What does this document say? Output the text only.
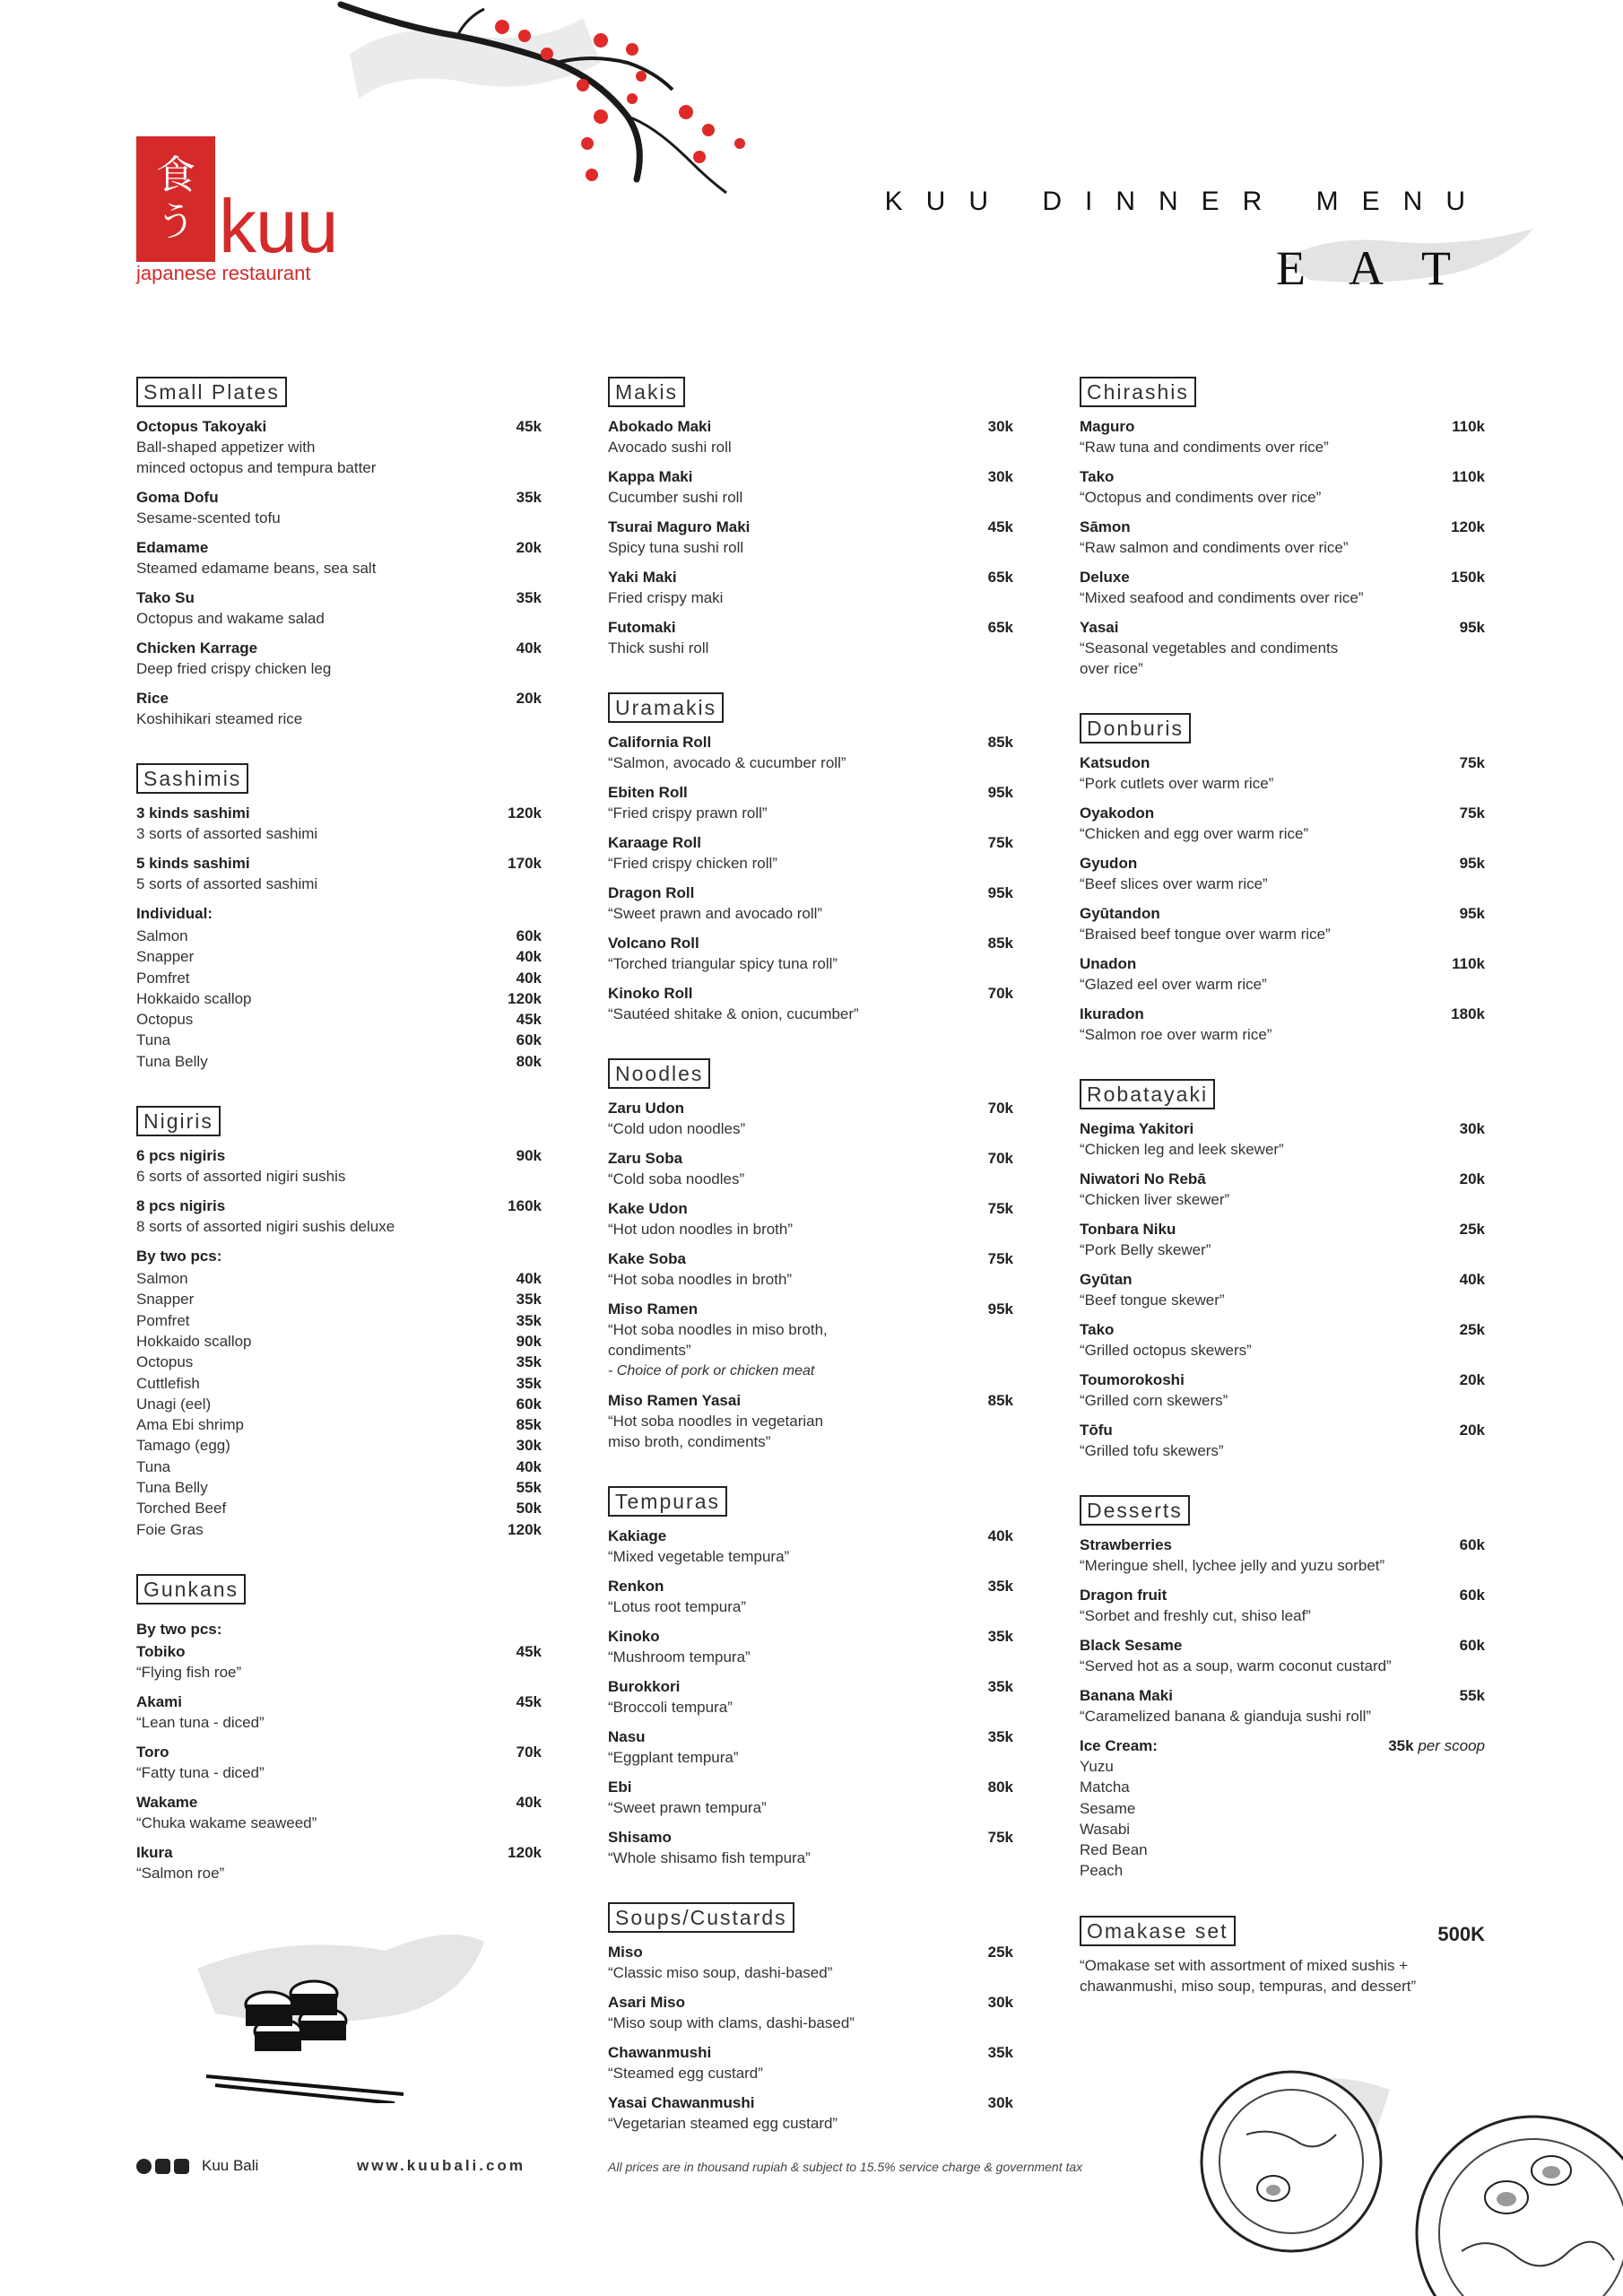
食
う kuu
japanese restaurant
KUU DINNER MENU
EAT
Small Plates
Octopus Takoyaki	45k
Ball-shaped appetizer with
minced octopus and tempura batter
Goma Dofu	35k
Sesame-scented tofu
Edamame	20k
Steamed edamame beans, sea salt
Tako Su	35k
Octopus and wakame salad
Chicken Karrage	40k
Deep fried crispy chicken leg
Rice	20k
Koshihikari steamed rice
Sashimis
3 kinds sashimi	120k
3 sorts of assorted sashimi
5 kinds sashimi	170k
5 sorts of assorted sashimi
Individual:
Salmon	60k
Snapper	40k
Pomfret	40k
Hokkaido scallop	120k
Octopus	45k
Tuna	60k
Tuna Belly	80k
Nigiris
6 pcs nigiris	90k
6 sorts of assorted nigiri sushis
8 pcs nigiris	160k
8 sorts of assorted nigiri sushis deluxe
By two pcs:
Salmon	40k
Snapper	35k
Pomfret	35k
Hokkaido scallop	90k
Octopus	35k
Cuttlefish	35k
Unagi (eel)	60k
Ama Ebi shrimp	85k
Tamago (egg)	30k
Tuna	40k
Tuna Belly	55k
Torched Beef	50k
Foie Gras	120k
Gunkans
By two pcs:
Tobiko	45k
“Flying fish roe”
Akami	45k
“Lean tuna - diced”
Toro	70k
“Fatty tuna - diced”
Wakame	40k
“Chuka wakame seaweed”
Ikura	120k
“Salmon roe”
Makis
Abokado Maki	30k
Avocado sushi roll
Kappa Maki	30k
Cucumber sushi roll
Tsurai Maguro Maki	45k
Spicy tuna sushi roll
Yaki Maki	65k
Fried crispy maki
Futomaki	65k
Thick sushi roll
Uramakis
California Roll	85k
“Salmon, avocado & cucumber roll”
Ebiten Roll	95k
“Fried crispy prawn roll”
Karaage Roll	75k
“Fried crispy chicken roll”
Dragon Roll	95k
“Sweet prawn and avocado roll”
Volcano Roll	85k
“Torched triangular spicy tuna roll”
Kinoko Roll	70k
“Sautéed shitake & onion, cucumber”
Noodles
Zaru Udon	70k
“Cold udon noodles”
Zaru Soba	70k
“Cold soba noodles”
Kake Udon	75k
“Hot udon noodles in broth”
Kake Soba	75k
“Hot soba noodles in broth”
Miso Ramen	95k
“Hot soba noodles in miso broth,
condiments”
- Choice of pork or chicken meat
Miso Ramen Yasai	85k
“Hot soba noodles in vegetarian
miso broth, condiments”
Tempuras
Kakiage	40k
“Mixed vegetable tempura”
Renkon	35k
“Lotus root tempura”
Kinoko	35k
“Mushroom tempura”
Burokkori	35k
“Broccoli tempura”
Nasu	35k
“Eggplant tempura”
Ebi	80k
“Sweet prawn tempura”
Shisamo	75k
“Whole shisamo fish tempura”
Soups/Custards
Miso	25k
“Classic miso soup, dashi-based”
Asari Miso	30k
“Miso soup with clams, dashi-based”
Chawanmushi	35k
“Steamed egg custard”
Yasai Chawanmushi	30k
“Vegetarian steamed egg custard”
Chirashis
Maguro	110k
“Raw tuna and condiments over rice”
Tako	110k
“Octopus and condiments over rice”
Sāmon	120k
“Raw salmon and condiments over rice”
Deluxe	150k
“Mixed seafood and condiments over rice”
Yasai	95k
“Seasonal vegetables and condiments
over rice”
Donburis
Katsudon	75k
“Pork cutlets over warm rice”
Oyakodon	75k
“Chicken and egg over warm rice”
Gyudon	95k
“Beef slices over warm rice”
Gyūtandon	95k
“Braised beef tongue over warm rice”
Unadon	110k
“Glazed eel over warm rice”
Ikuradon	180k
“Salmon roe over warm rice”
Robatayaki
Negima Yakitori	30k
“Chicken leg and leek skewer”
Niwatori No Rebā	20k
“Chicken liver skewer”
Tonbara Niku	25k
“Pork Belly skewer”
Gyūtan	40k
“Beef tongue skewer”
Tako	25k
“Grilled octopus skewers”
Toumorokoshi	20k
“Grilled corn skewers”
Tōfu	20k
“Grilled tofu skewers”
Desserts
Strawberries	60k
“Meringue shell, lychee jelly and yuzu sorbet”
Dragon fruit	60k
“Sorbet and freshly cut, shiso leaf”
Black Sesame	60k
“Served hot as a soup, warm coconut custard”
Banana Maki	55k
“Caramelized banana & gianduja sushi roll”
Ice Cream:	35k per scoop
Yuzu
Matcha
Sesame
Wasabi
Red Bean
Peach
Omakase set	500K
“Omakase set with assortment of mixed sushis +
chawanmushi, miso soup, tempuras, and dessert”
Kuu Bali	www.kuubali.com	All prices are in thousand rupiah & subject to 15.5% service charge & government tax
